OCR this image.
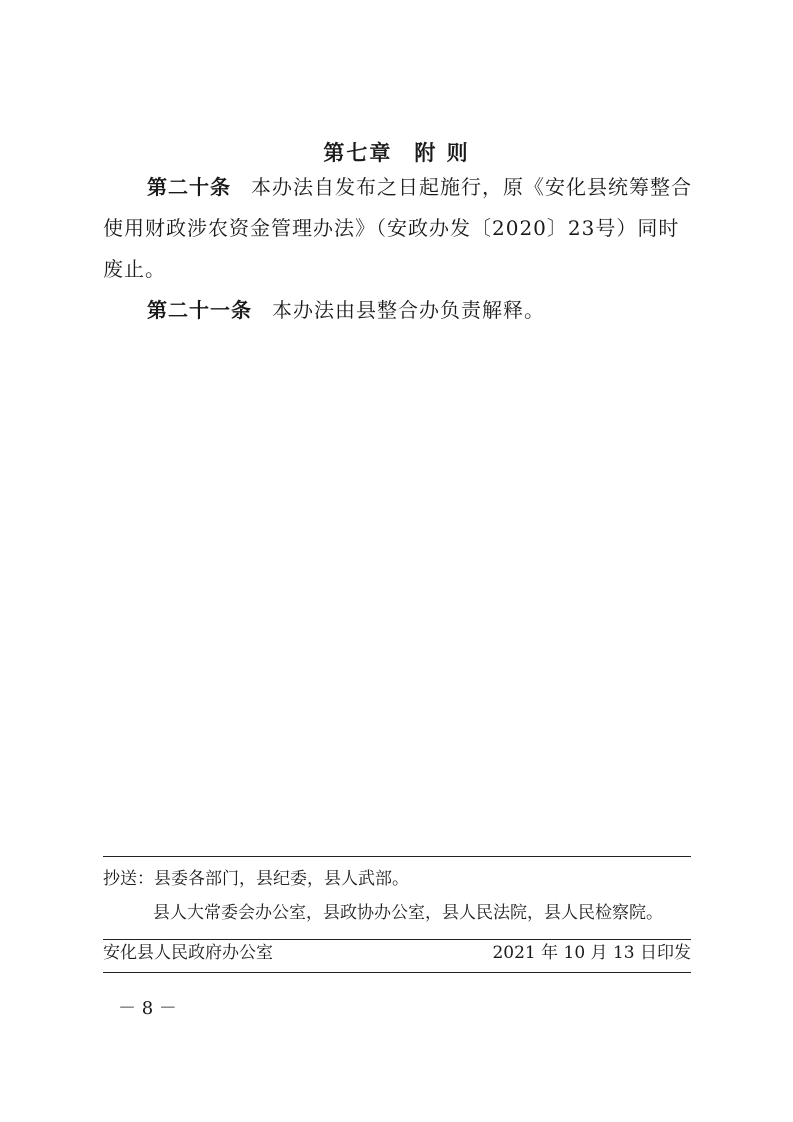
第七章 附 则
第二十条 本办法自发布之日起施行，原《安化县统筹整合使用财政涉农资金管理办法》（安政办发〔2020〕23号）同时废止。
第二十一条 本办法由县整合办负责解释。
抄送：县委各部门，县纪委，县人武部。
县人大常委会办公室，县政协办公室，县人民法院，县人民检察院。
安化县人民政府办公室	2021 年 10 月 13 日印发
－ 8 －
